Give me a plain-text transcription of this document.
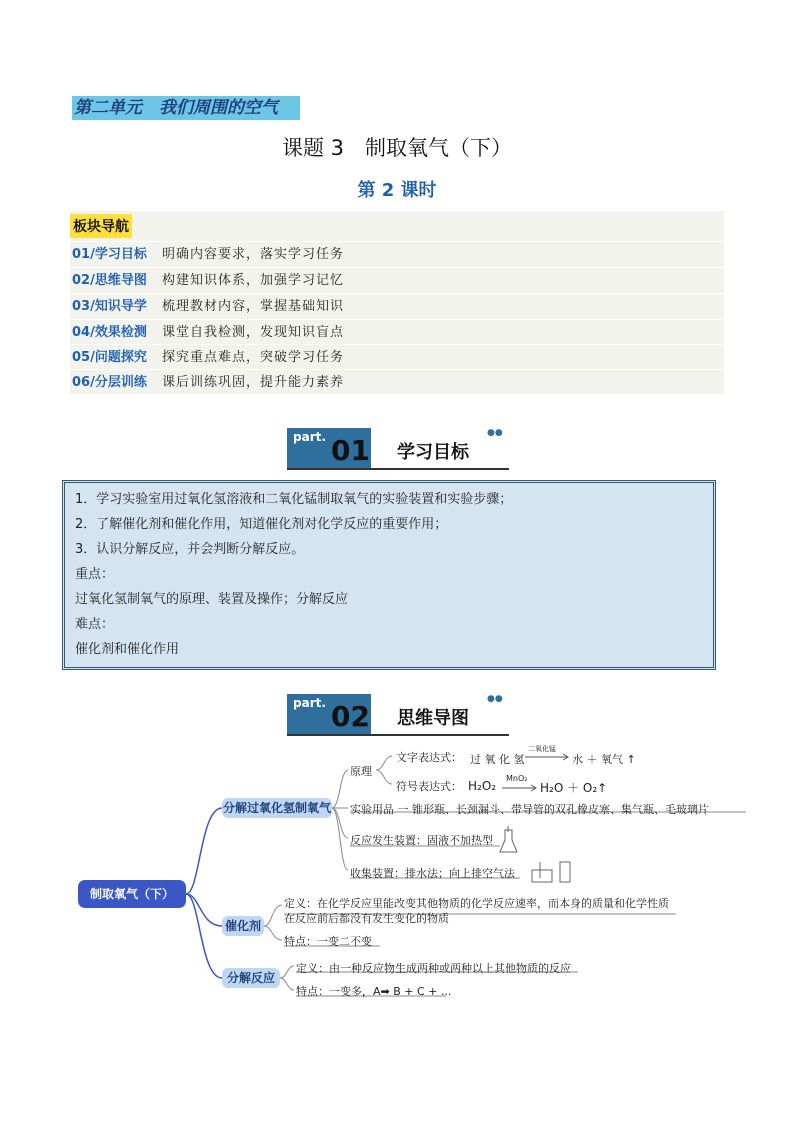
第二单元　我们周围的空气
课题 3　制取氧气（下）
第 2 课时
板块导航
01/学习目标 明确内容要求，落实学习任务
02/思维导图 构建知识体系，加强学习记忆
03/知识导学 梳理教材内容，掌握基础知识
04/效果检测 课堂自我检测，发现知识盲点
05/问题探究 探究重点难点，突破学习任务
06/分层训练 课后训练巩固，提升能力素养
part. 01 学习目标
●●

1．学习实验室用过氧化氢溶液和二氧化锰制取氧气的实验装置和实验步骤；

2．了解催化剂和催化作用，知道催化剂对化学反应的重要作用；

3．认识分解反应，并会判断分解反应。

重点：

过氧化氢制氧气的原理、装置及操作；分解反应

难点：

催化剂和催化作用

part. 02 思维导图
●●
制取氧气（下）
分解过氧化氢制氧气
催化剂
分解反应
原理
文字表达式： 过 氧 化 氢
二氧化锰
水 ＋ 氧气 ↑
符号表达式： H₂O₂
MnO₂
H₂O ＋ O₂↑
实验用品 一 锥形瓶、长颈漏斗、带导管的双孔橡皮塞、集气瓶、毛玻璃片
反应发生装置：固液不加热型
收集装置：排水法；向上排空气法
定义：在化学反应里能改变其他物质的化学反应速率，而本身的质量和化学性质
在反应前后都没有发生变化的物质
特点：一变二不变
定义：由一种反应物生成两种或两种以上其他物质的反应
特点：一变多，A➡ B + C + ...
